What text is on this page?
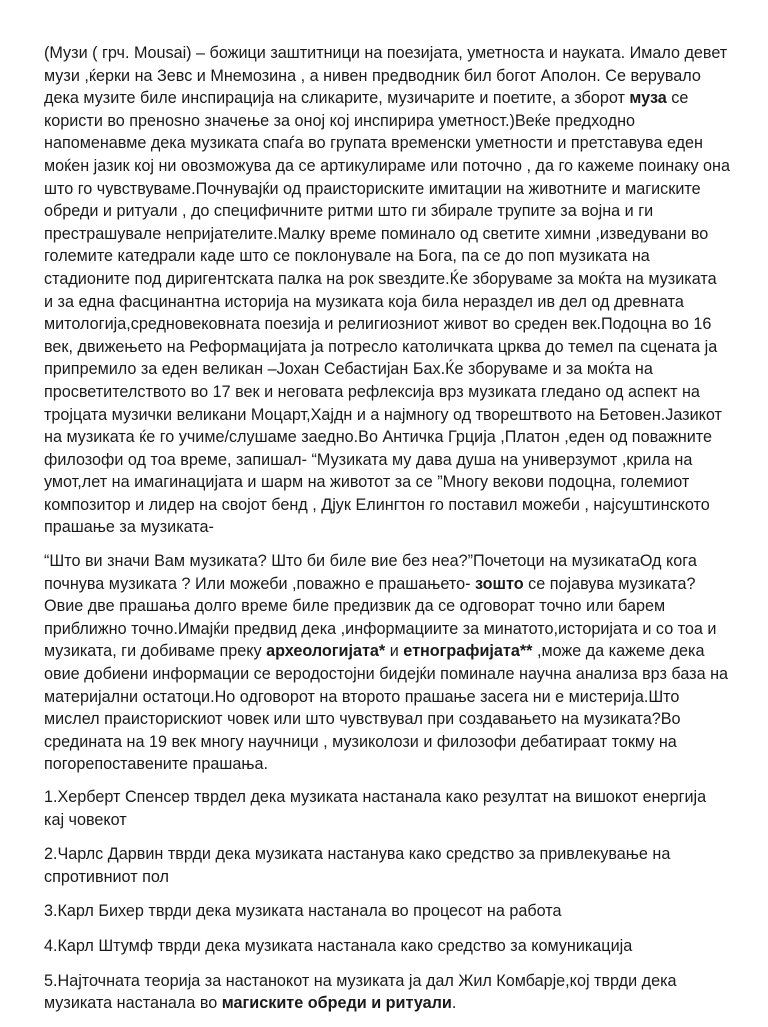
(Музи ( грч. Mousai) – божици заштитници на поезијата, уметноста и науката. Имало девет музи ,ќерки на Зевс и Мнемозина , а нивен предводник бил богот Аполон. Се верувало дека музите биле инспирација на сликарите, музичарите и поетите, а зборот муза се користи во пренosно значење за оној кој инспирира уметност.)Веќе предходно напоменавме дека музиката спаѓа во групата временски уметности и претставува еден моќен јазик кој ни овозможува да се артикулираме или поточно , да го кажеме поинаку она што го чувствуваме.Почнувајќи од праисториските имитации на животните и магиските обреди и ритуали , до специфичните ритми што ги збирале трупите за војна и ги престрашувале непријателите.Малку време поминало од светите химни ,изведувани во големите катедрали каде што се поклонувале на Бога, па се до поп музиката на стадионите под диригентската палка на рок ѕвездите.Ќе зборуваме за моќта на музиката и за една фасцинантна историја на музиката која била нераздел ив дел од древната митологија,средновековната поезија и религиозниот живот во среден век.Подоцна во 16 век, движењето на Реформацијата ја потресло католичката црква до темел па сцената ја припремило за еден великан –Јохан Себастијан Бах.Ќе зборуваме и за моќта на просветителството во 17 век и неговата рефлексија врз музиката гледано од аспект на тројцата музички великани Моцарт,Хајдн и а најмногу од творештвото на Бетовен.Јазикот на музиката ќе го учиме/слушаме заедно.Во Античка Грција ,Платон ,еден од поважните филозофи од тоа време, запишал- “Музиката му дава душа на универзумот ,крила на умот,лет на имагинацијата и шарм на животот за се ”Многу векови подоцна, големиот композитор и лидер на својот бенд , Дјук Елингтон го поставил можеби , најсуштинското прашање за музиката-

“Што ви значи Вам музиката? Што би биле вие без неа?”Почетоци на музикатаОд кога почнува музиката ? Или можеби ,поважно е прашањето- зошто се појавува музиката? Овие две прашања долго време биле предизвик да се одговорат точно или барем приближно точно.Имајќи предвид дека ,информациите за минатото,историјата и со тоа и музиката, ги добиваме преку археологијата* и етнографијата** ,може да кажеме дека овие добиени информации се веродостојни бидејќи поминале научна анализа врз база на материјални остатоци.Но одговорот на второто прашање засега ни е мистерија.Што мислел праисторискиот човек или што чувствувал при создавањето на музиката?Во средината на 19 век многу научници , музиколози и филозофи дебатираат токму на погорепоставените прашања.

1.Херберт Спенсер тврдел дека музиката настанала како резултат на вишокот енергија кај човекот

2.Чарлс Дарвин тврди дека музиката настанува како средство за привлекување на спротивниот пол

3.Карл Бихер тврди дека музиката настанала во процесот на работа

4.Карл Штумф тврди дека музиката настанала како средство за комуникација

5.Најточната теорија за настанокот на музиката ја дал Жил Комбарје,кој тврди дека музиката настанала во магиските обреди и ритуали.
